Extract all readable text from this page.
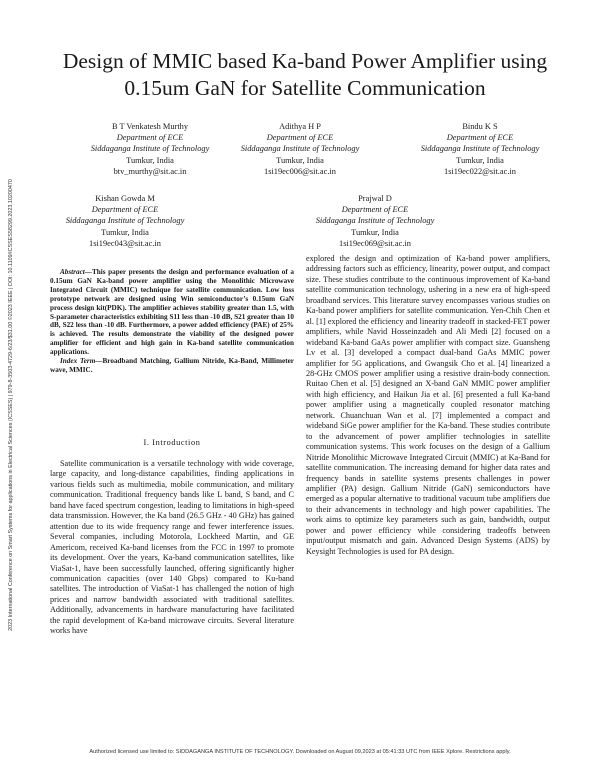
2023 International Conference on Smart Systems for applications in Electrical Sciences (ICSSES) | 979-8-3503-4729-6/23/$31.00 ©2023 IEEE | DOI: 10.1109/ICSSES58299.2023.10200470
Design of MMIC based Ka-band Power Amplifier using 0.15um GaN for Satellite Communication
B T Venkatesh Murthy
Department of ECE
Siddaganga Institute of Technology
Tumkur, India
btv_murthy@sit.ac.in
Adithya H P
Department of ECE
Siddaganga Institute of Technology
Tumkur, India
1si19ec006@sit.ac.in
Bindu K S
Department of ECE
Siddaganga Institute of Technology
Tumkur, India
1si19ec022@sit.ac.in
Kishan Gowda M
Department of ECE
Siddaganga Institute of Technology
Tumkur, India
1si19ec043@sit.ac.in
Prajwal D
Department of ECE
Siddaganga Institute of Technology
Tumkur, India
1si19ec069@sit.ac.in

Abstract—This paper presents the design and performance evaluation of a 0.15um GaN Ka-band power amplifier using the Monolithic Microwave Integrated Circuit (MMIC) technique for satellite communication. Low loss prototype network are designed using Win semiconductor’s 0.15um GaN process design kit(PDK). The amplifier achieves stability greater than 1.5, with S-parameter characteristics exhibiting S11 less than -10 dB, S21 greater than 10 dB, S22 less than -10 dB. Furthermore, a power added efficiency (PAE) of 25% is achieved. The results demonstrate the viability of the designed power amplifier for efficient and high gain in Ka-band satellite communication applications.

Index Term—Broadband Matching, Gallium Nitride, Ka-Band, Millimeter wave, MMIC.

I. Introduction

Satellite communication is a versatile technology with wide coverage, large capacity, and long-distance capabilities, finding applications in various fields such as multimedia, mobile communication, and military communication. Traditional frequency bands like L band, S band, and C band have faced spectrum congestion, leading to limitations in high-speed data transmission. However, the Ka band (26.5 GHz - 40 GHz) has gained attention due to its wide frequency range and fewer interference issues. Several companies, including Motorola, Lockheed Martin, and GE Americom, received Ka-band licenses from the FCC in 1997 to promote its development. Over the years, Ka-band communication satellites, like ViaSat-1, have been successfully launched, offering significantly higher communication capacities (over 140 Gbps) compared to Ku-band satellites. The introduction of ViaSat-1 has challenged the notion of high prices and narrow bandwidth associated with traditional satellites. Additionally, advancements in hardware manufacturing have facilitated the rapid development of Ka-band microwave circuits. Several literature works have

explored the design and optimization of Ka-band power amplifiers, addressing factors such as efficiency, linearity, power output, and compact size. These studies contribute to the continuous improvement of Ka-band satellite communication technology, ushering in a new era of high-speed broadband services. This literature survey encompasses various studies on Ka-band power amplifiers for satellite communication. Yen-Chih Chen et al. [1] explored the efficiency and linearity tradeoff in stacked-FET power amplifiers, while Navid Hosseinzadeh and Ali Medi [2] focused on a wideband Ka-band GaAs power amplifier with compact size. Guansheng Lv et al. [3] developed a compact dual-band GaAs MMIC power amplifier for 5G applications, and Gwangsik Cho et al. [4] linearized a 28-GHz CMOS power amplifier using a resistive drain-body connection. Ruitao Chen et al. [5] designed an X-band GaN MMIC power amplifier with high efficiency, and Haikun Jia et al. [6] presented a full Ka-band power amplifier using a magnetically coupled resonator matching network. Chuanchuan Wan et al. [7] implemented a compact and wideband SiGe power amplifier for the Ka-band. These studies contribute to the advancement of power amplifier technologies in satellite communication systems. This work focuses on the design of a Gallium Nitride Monolithic Microwave Integrated Circuit (MMIC) at Ka-Band for satellite communication. The increasing demand for higher data rates and frequency bands in satellite systems presents challenges in power amplifier (PA) design. Gallium Nitride (GaN) semiconductors have emerged as a popular alternative to traditional vacuum tube amplifiers due to their advancements in technology and high power capabilities. The work aims to optimize key parameters such as gain, bandwidth, output power and power efficiency while considering tradeoffs between input/output mismatch and gain. Advanced Design Systems (ADS) by Keysight Technologies is used for PA design.

Authorized licensed use limited to: SIDDAGANGA INSTITUTE OF TECHNOLOGY. Downloaded on August 09,2023 at 05:41:33 UTC from IEEE Xplore. Restrictions apply.
